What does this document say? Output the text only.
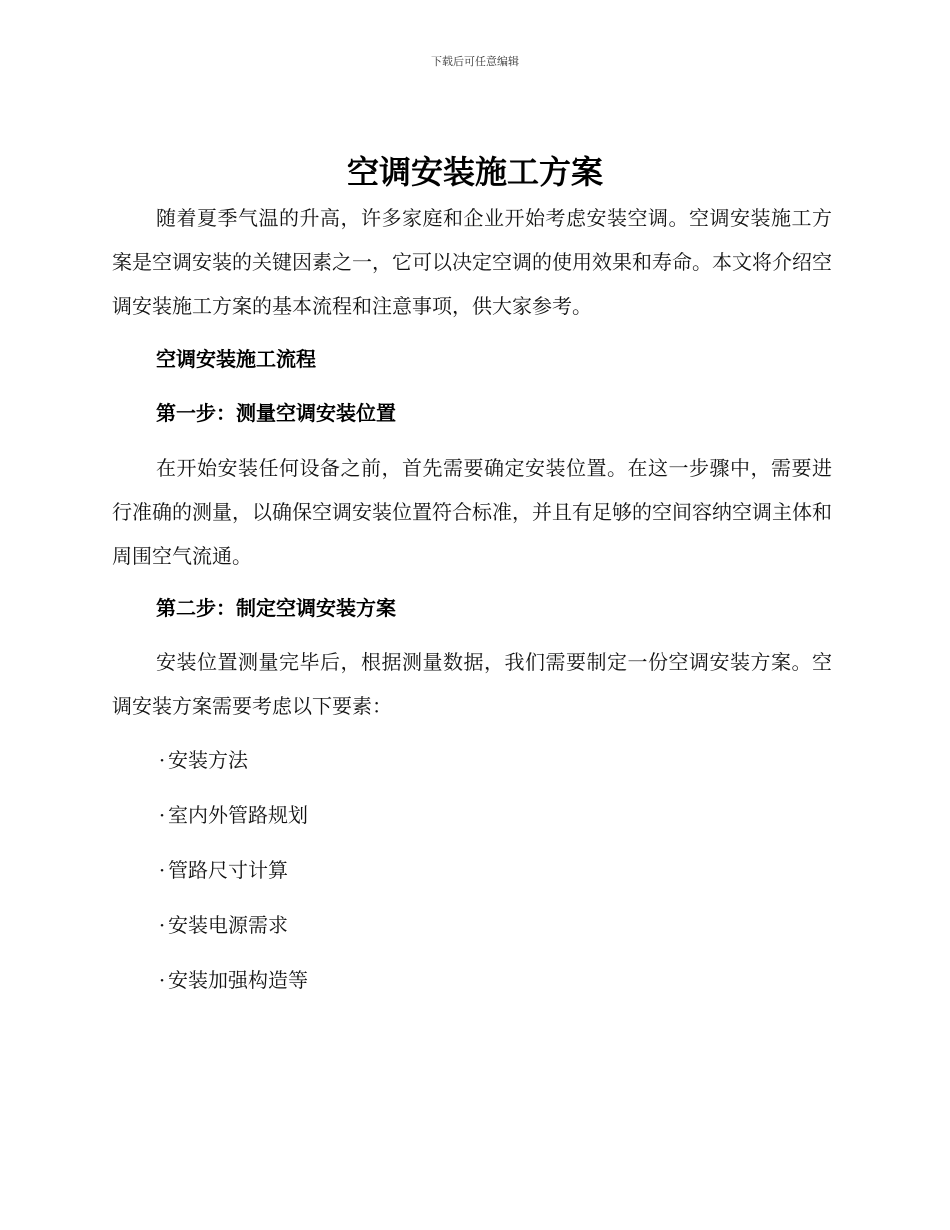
下载后可任意编辑
空调安装施工方案

随着夏季气温的升高，许多家庭和企业开始考虑安装空调。空调安装施工方案是空调安装的关键因素之一，它可以决定空调的使用效果和寿命。本文将介绍空调安装施工方案的基本流程和注意事项，供大家参考。

空调安装施工流程
第一步：测量空调安装位置

在开始安装任何设备之前，首先需要确定安装位置。在这一步骤中，需要进行准确的测量，以确保空调安装位置符合标准，并且有足够的空间容纳空调主体和周围空气流通。

第二步：制定空调安装方案

安装位置测量完毕后，根据测量数据，我们需要制定一份空调安装方案。空调安装方案需要考虑以下要素：

· 安装方法
· 室内外管路规划
· 管路尺寸计算
· 安装电源需求
· 安装加强构造等
